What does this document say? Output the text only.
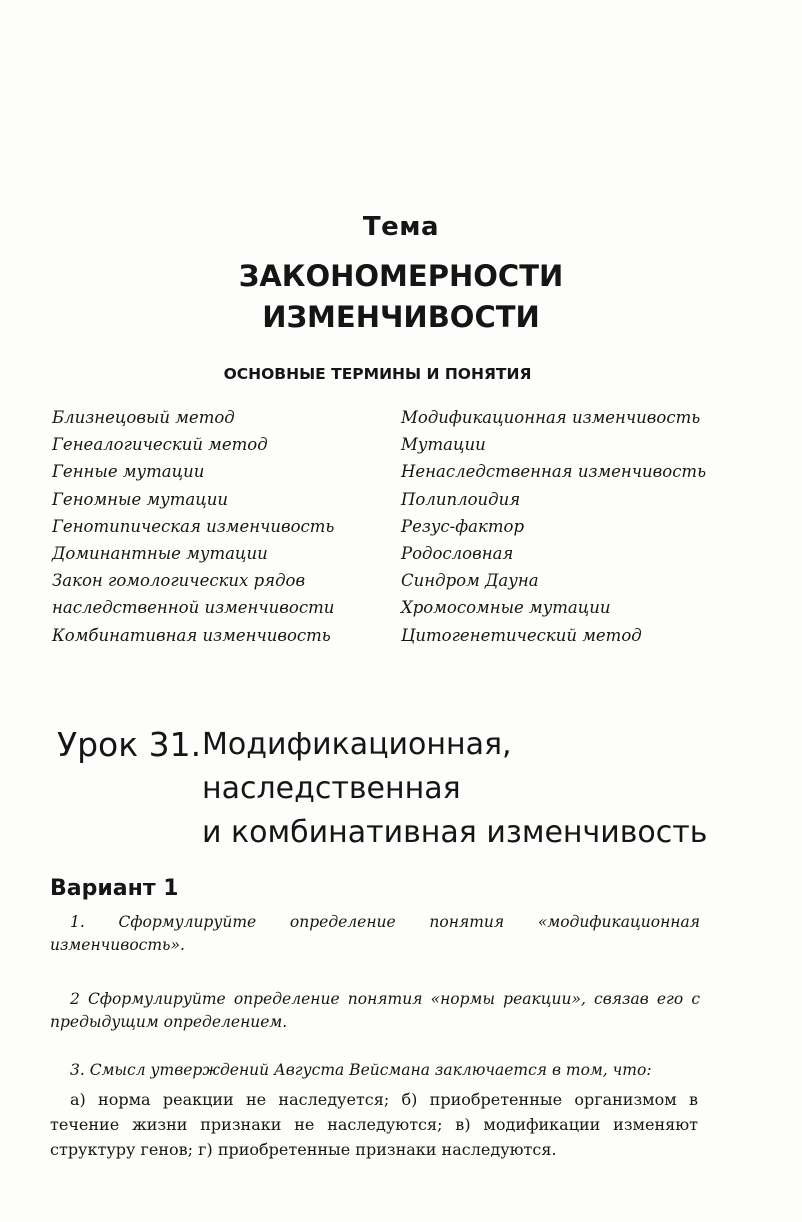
Тема
ЗАКОНОМЕРНОСТИ
ИЗМЕНЧИВОСТИ
ОСНОВНЫЕ ТЕРМИНЫ И ПОНЯТИЯ
Близнецовый метод
Генеалогический метод
Генные мутации
Геномные мутации
Генотипическая изменчивость
Доминантные мутации
Закон гомологических рядов
наследственной изменчивости
Комбинативная изменчивость
Модификационная изменчивость
Мутации
Ненаследственная изменчивость
Полиплоидия
Резус-фактор
Родословная
Синдром Дауна
Хромосомные мутации
Цитогенетический метод
Урок 31. Модификационная,
наследственная
и комбинативная изменчивость
Вариант 1
1. Сформулируйте определение понятия «модификационная изменчивость».
2 Сформулируйте определение понятия «нормы реакции», связав его с предыдущим определением.
3. Смысл утверждений Августа Вейсмана заключается в том, что:
а) норма реакции не наследуется; б) приобретенные организмом в течение жизни признаки не наследуются; в) модификации изменяют структуру генов; г) приобретенные признаки наследуются.
